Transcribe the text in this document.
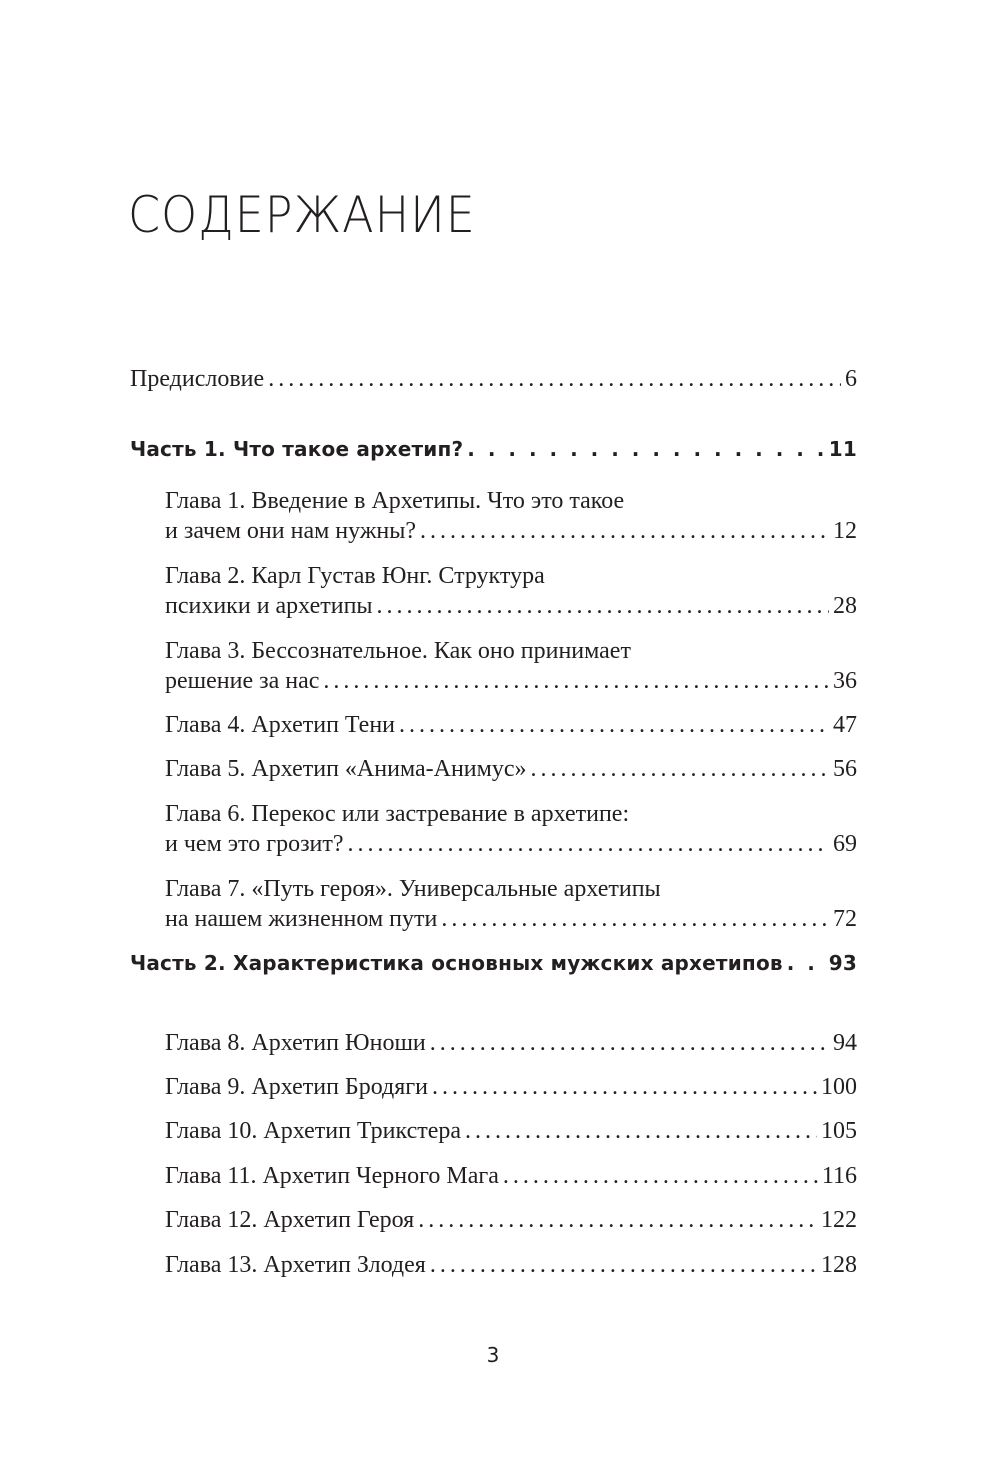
СОДЕРЖАНИЕ
Предисловие . . .	6
Часть 1. Что такое архетип? . . .	11
Глава 1. Введение в Архетипы. Что это такое
и зачем они нам нужны? . . .	12
Глава 2. Карл Густав Юнг. Структура
психики и архетипы . . .	28
Глава 3. Бессознательное. Как оно принимает
решение за нас . . .	36
Глава 4. Архетип Тени . . .	47
Глава 5. Архетип «Анима-Анимус» . . .	56
Глава 6. Перекос или застревание в архетипе:
и чем это грозит? . . .	69
Глава 7. «Путь героя». Универсальные архетипы
на нашем жизненном пути . . .	72
Часть 2. Характеристика основных мужских архетипов . . . 93
Глава 8. Архетип Юноши . . .	94
Глава 9. Архетип Бродяги . . .	100
Глава 10. Архетип Трикстера . . .	105
Глава 11. Архетип Черного Мага . . .	116
Глава 12. Архетип Героя . . .	122
Глава 13. Архетип Злодея . . .	128
3
